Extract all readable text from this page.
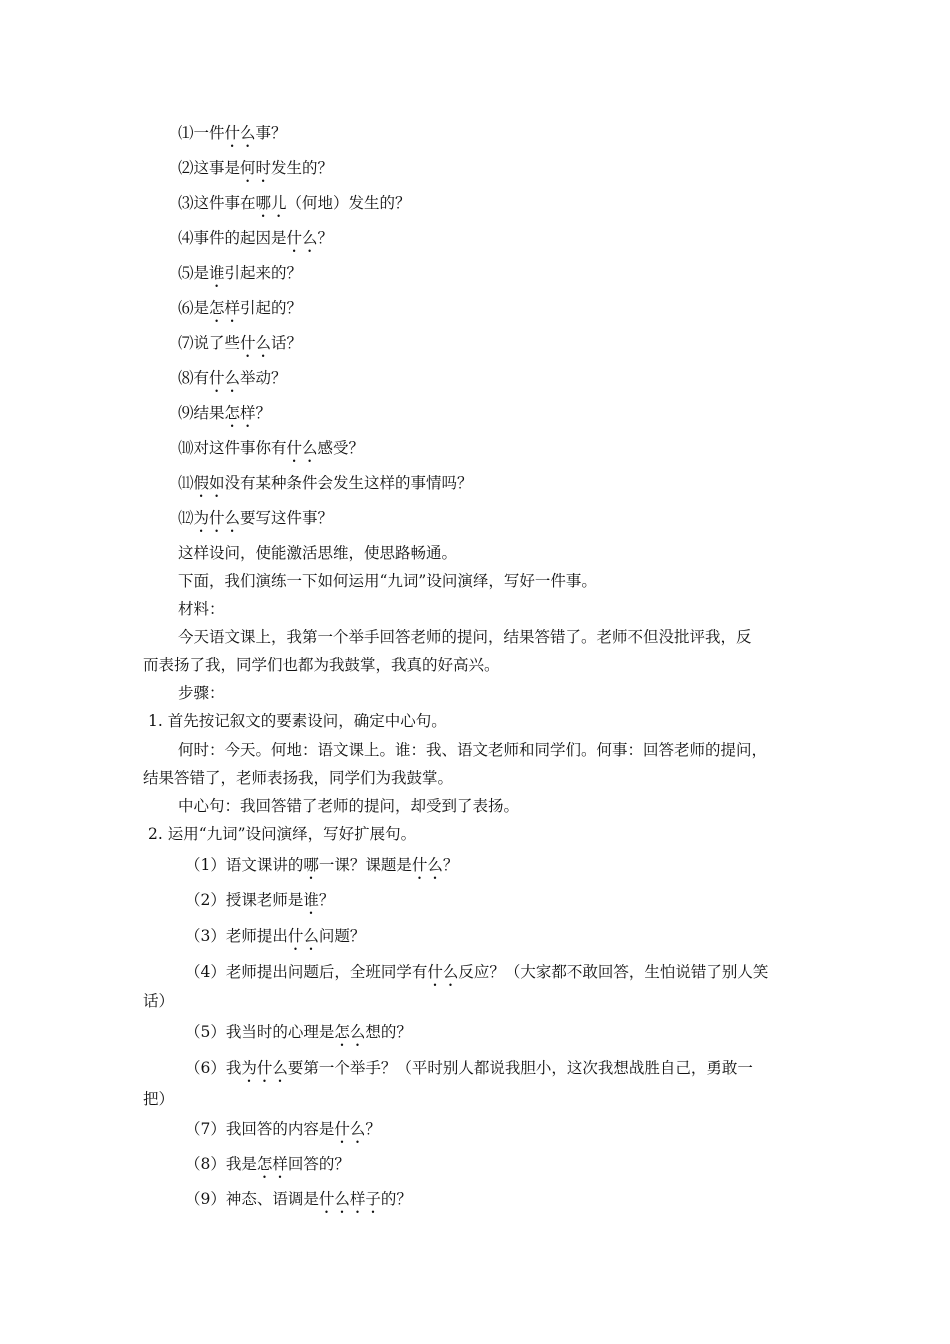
⑴一件什么事？
⑵这事是何时发生的？
⑶这件事在哪儿（何地）发生的？
⑷事件的起因是什么？
⑸是谁引起来的？
⑹是怎样引起的？
⑺说了些什么话？
⑻有什么举动？
⑼结果怎样？
⑽对这件事你有什么感受？
⑾假如没有某种条件会发生这样的事情吗？
⑿为什么要写这件事？
这样设问，使能激活思维，使思路畅通。
下面，我们演练一下如何运用“九词”设问演绎，写好一件事。
材料：
今天语文课上，我第一个举手回答老师的提问，结果答错了。老师不但没批评我，反
而表扬了我，同学们也都为我鼓掌，我真的好高兴。
步骤：
1. 首先按记叙文的要素设问，确定中心句。
何时：今天。何地：语文课上。谁：我、语文老师和同学们。何事：回答老师的提问，
结果答错了，老师表扬我，同学们为我鼓掌。
中心句：我回答错了老师的提问，却受到了表扬。
2. 运用“九词”设问演绎，写好扩展句。
（1）语文课讲的哪一课？课题是什么？
（2）授课老师是谁？
（3）老师提出什么问题？
（4）老师提出问题后，全班同学有什么反应？（大家都不敢回答，生怕说错了别人笑
话）
（5）我当时的心理是怎么想的？
（6）我为什么要第一个举手？（平时别人都说我胆小，这次我想战胜自己，勇敢一
把）
（7）我回答的内容是什么？
（8）我是怎样回答的？
（9）神态、语调是什么样子的？
